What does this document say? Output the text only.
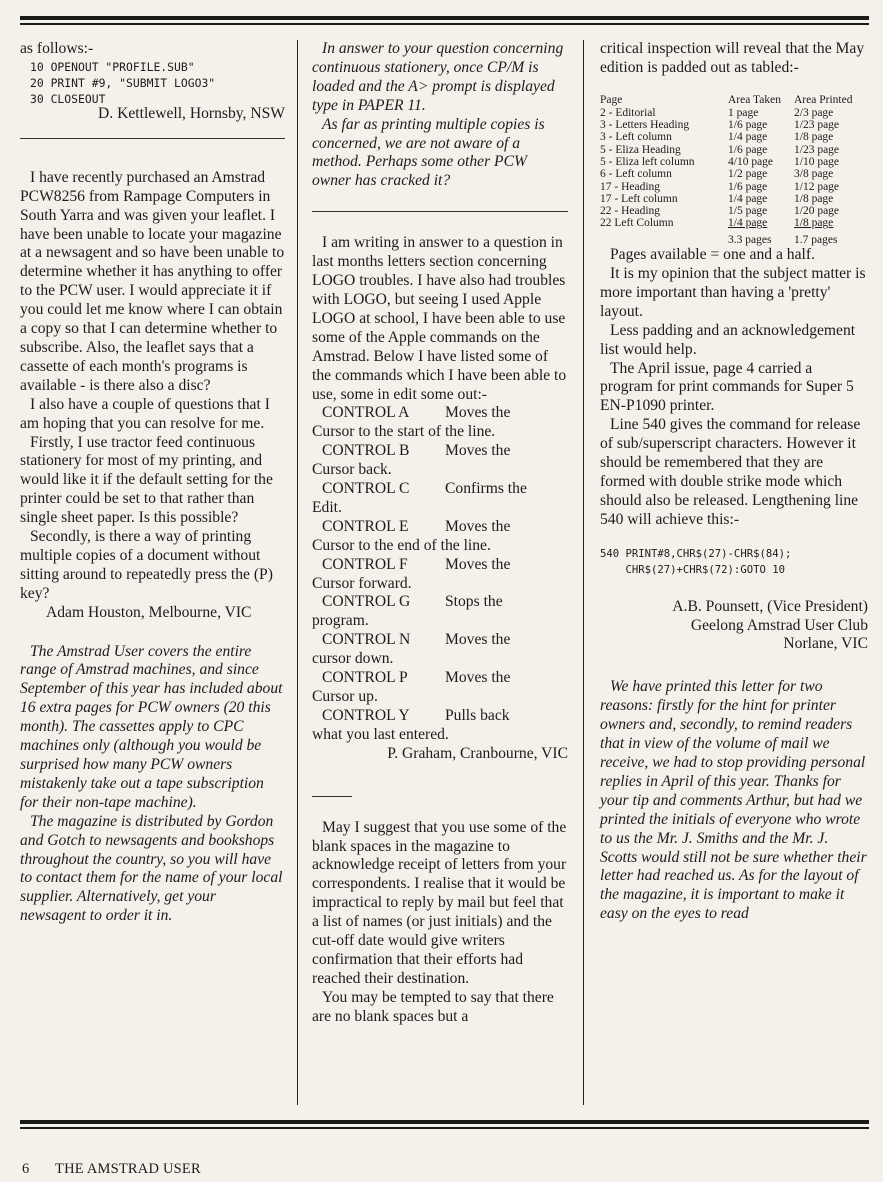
as follows:-

10 OPENOUT "PROFILE.SUB"
20 PRINT #9, "SUBMIT LOGO3"
30 CLOSEOUT
D. Kettlewell, Hornsby, NSW

I have recently purchased an Amstrad PCW8256 from Rampage Computers in South Yarra and was given your leaflet. I have been unable to locate your magazine at a newsagent and so have been unable to determine whether it has anything to offer to the PCW user. I would appreciate it if you could let me know where I can obtain a copy so that I can determine whether to subscribe. Also, the leaflet says that a cassette of each month's programs is available - is there also a disc?

I also have a couple of questions that I am hoping that you can resolve for me.

Firstly, I use tractor feed continuous stationery for most of my printing, and would like it if the default setting for the printer could be set to that rather than single sheet paper. Is this possible?

Secondly, is there a way of printing multiple copies of a document without sitting around to repeatedly press the (P) key?

Adam Houston, Melbourne, VIC

The Amstrad User covers the entire range of Amstrad machines, and since September of this year has included about 16 extra pages for PCW owners (20 this month). The cassettes apply to CPC machines only (although you would be surprised how many PCW owners mistakenly take out a tape subscription for their non-tape machine).

The magazine is distributed by Gordon and Gotch to newsagents and bookshops throughout the country, so you will have to contact them for the name of your local supplier. Alternatively, get your newsagent to order it in.

In answer to your question concerning continuous stationery, once CP/M is loaded and the A> prompt is displayed type in PAPER 11.

As far as printing multiple copies is concerned, we are not aware of a method. Perhaps some other PCW owner has cracked it?

I am writing in answer to a question in last months letters section concerning LOGO troubles. I have also had troubles with LOGO, but seeing I used Apple LOGO at school, I have been able to use some of the Apple commands on the Amstrad. Below I have listed some of the commands which I have been able to use, some in edit some out:-

CONTROL A	Moves the

Cursor to the start of the line.

CONTROL B	Moves the

Cursor back.

CONTROL C	Confirms the

Edit.

CONTROL E	Moves the

Cursor to the end of the line.

CONTROL F	Moves the

Cursor forward.

CONTROL G	Stops the

program.

CONTROL N	Moves the

cursor down.

CONTROL P	Moves the

Cursor up.

CONTROL Y	Pulls back

what you last entered.

P. Graham, Cranbourne, VIC

May I suggest that you use some of the blank spaces in the magazine to acknowledge receipt of letters from your correspondents. I realise that it would be impractical to reply by mail but feel that a list of names (or just initials) and the cut-off date would give writers confirmation that their efforts had reached their destination.

You may be tempted to say that there are no blank spaces but a

critical inspection will reveal that the May edition is padded out as tabled:-

Page	Area Taken	Area Printed
2 - Editorial	1 page	2/3 page
3 - Letters Heading	1/6 page	1/23 page
3 - Left column	1/4 page	1/8 page
5 - Eliza Heading	1/6 page	1/23 page
5 - Eliza left column	4/10 page	1/10 page
6 - Left column	1/2 page	3/8 page
17 - Heading	1/6 page	1/12 page
17 - Left column	1/4 page	1/8 page
22 - Heading	1/5 page	1/20 page
22 Left Column	1/4 page	1/8 page
	3.3 pages	1.7 pages

Pages available = one and a half.

It is my opinion that the subject matter is more important than having a 'pretty' layout.

Less padding and an acknowledgement list would help.

The April issue, page 4 carried a program for print commands for Super 5 EN-P1090 printer.

Line 540 gives the command for release of sub/superscript characters. However it should be remembered that they are formed with double strike mode which should also be released. Lengthening line 540 will achieve this:-

540 PRINT#8,CHR$(27)-CHR$(84);
CHR$(27)+CHR$(72):GOTO 10
A.B. Pounsett, (Vice President)
Geelong Amstrad User Club
Norlane, VIC

We have printed this letter for two reasons: firstly for the hint for printer owners and, secondly, to remind readers that in view of the volume of mail we receive, we had to stop providing personal replies in April of this year. Thanks for your tip and comments Arthur, but had we printed the initials of everyone who wrote to us the Mr. J. Smiths and the Mr. J. Scotts would still not be sure whether their letter had reached us. As for the layout of the magazine, it is important to make it easy on the eyes to read

6 THE AMSTRAD USER
